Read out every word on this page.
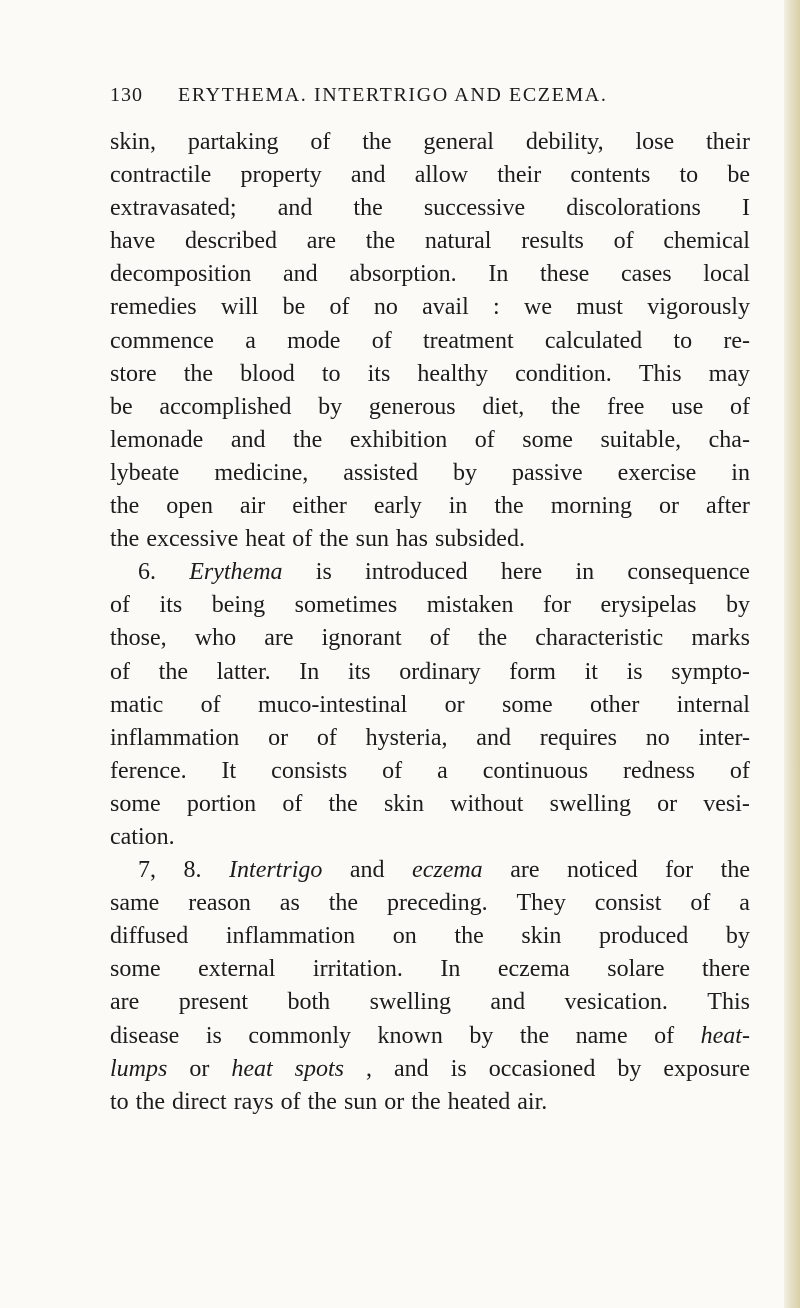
130 ERYTHEMA. INTERTRIGO AND ECZEMA.
skin, partaking of the general debility, lose their
contractile property and allow their contents to be
extravasated; and the successive discolorations I
have described are the natural results of chemical
decomposition and absorption. In these cases local
remedies will be of no avail : we must vigorously
commence a mode of treatment calculated to re-
store the blood to its healthy condition. This may
be accomplished by generous diet, the free use of
lemonade and the exhibition of some suitable, cha-
lybeate medicine, assisted by passive exercise in
the open air either early in the morning or after
the excessive heat of the sun has subsided.
6. Erythema is introduced here in consequence
of its being sometimes mistaken for erysipelas by
those, who are ignorant of the characteristic marks
of the latter. In its ordinary form it is sympto-
matic of muco-intestinal or some other internal
inflammation or of hysteria, and requires no inter-
ference. It consists of a continuous redness of
some portion of the skin without swelling or vesi-
cation.
7, 8. Intertrigo and eczema are noticed for the
same reason as the preceding. They consist of a
diffused inflammation on the skin produced by
some external irritation. In eczema solare there
are present both swelling and vesication. This
disease is commonly known by the name of heat-
lumps or heat spots , and is occasioned by exposure
to the direct rays of the sun or the heated air.
